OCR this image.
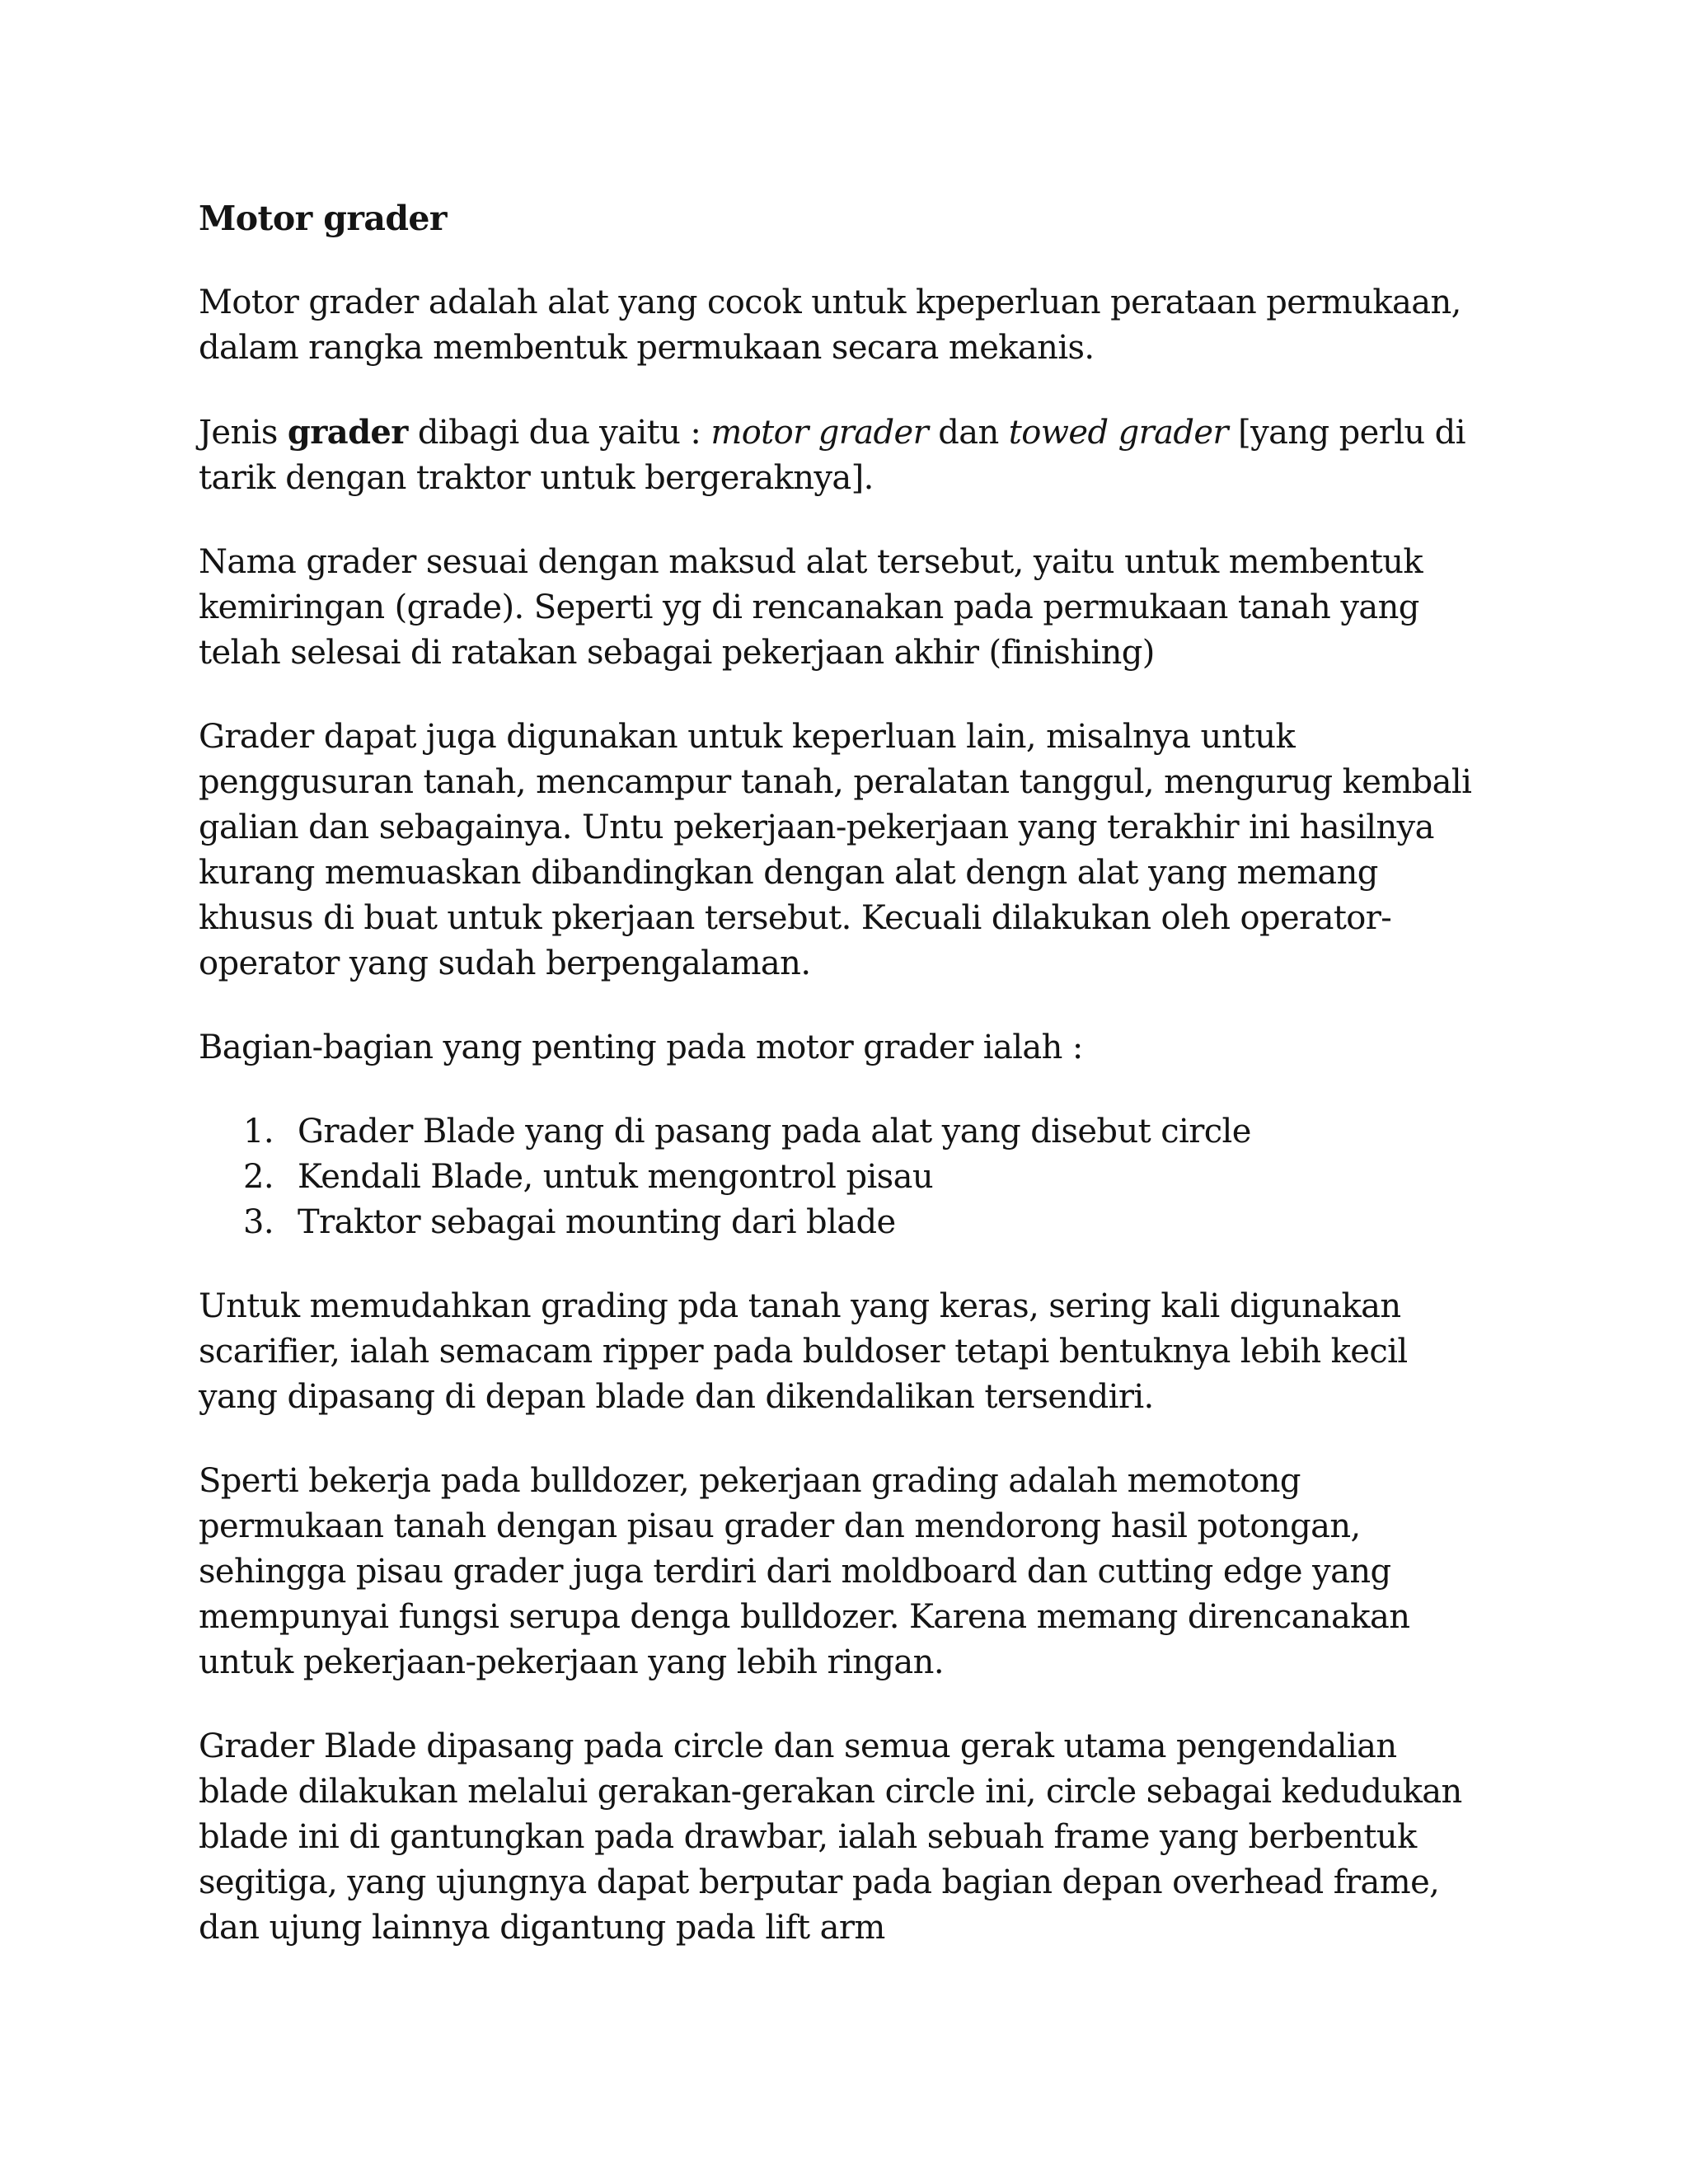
Motor grader

Motor grader adalah alat yang cocok untuk kpeperluan perataan permukaan, dalam rangka membentuk permukaan secara mekanis.

Jenis grader dibagi dua yaitu : motor grader dan towed grader [yang perlu di tarik dengan traktor untuk bergeraknya].

Nama grader sesuai dengan maksud alat tersebut, yaitu untuk membentuk kemiringan (grade). Seperti yg di rencanakan pada permukaan tanah yang telah selesai di ratakan sebagai pekerjaan akhir (finishing)

Grader dapat juga digunakan untuk keperluan lain, misalnya untuk penggusuran tanah, mencampur tanah, peralatan tanggul, mengurug kembali galian dan sebagainya. Untu pekerjaan-pekerjaan yang terakhir ini hasilnya kurang memuaskan dibandingkan dengan alat dengn alat yang memang khusus di buat untuk pkerjaan tersebut. Kecuali dilakukan oleh operator-operator yang sudah berpengalaman.

Bagian-bagian yang penting pada motor grader ialah :

1. Grader Blade yang di pasang pada alat yang disebut circle
2. Kendali Blade, untuk mengontrol pisau
3. Traktor sebagai mounting dari blade

Untuk memudahkan grading pda tanah yang keras, sering kali digunakan scarifier, ialah semacam ripper pada buldoser tetapi bentuknya lebih kecil yang dipasang di depan blade dan dikendalikan tersendiri.

Sperti bekerja pada bulldozer, pekerjaan grading adalah memotong permukaan tanah dengan pisau grader dan mendorong hasil potongan, sehingga pisau grader juga terdiri dari moldboard dan cutting edge yang mempunyai fungsi serupa denga bulldozer. Karena memang direncanakan untuk pekerjaan-pekerjaan yang lebih ringan.

Grader Blade dipasang pada circle dan semua gerak utama pengendalian blade dilakukan melalui gerakan-gerakan circle ini, circle sebagai kedudukan blade ini di gantungkan pada drawbar, ialah sebuah frame yang berbentuk segitiga, yang ujungnya dapat berputar pada bagian depan overhead frame, dan ujung lainnya digantung pada lift arm
